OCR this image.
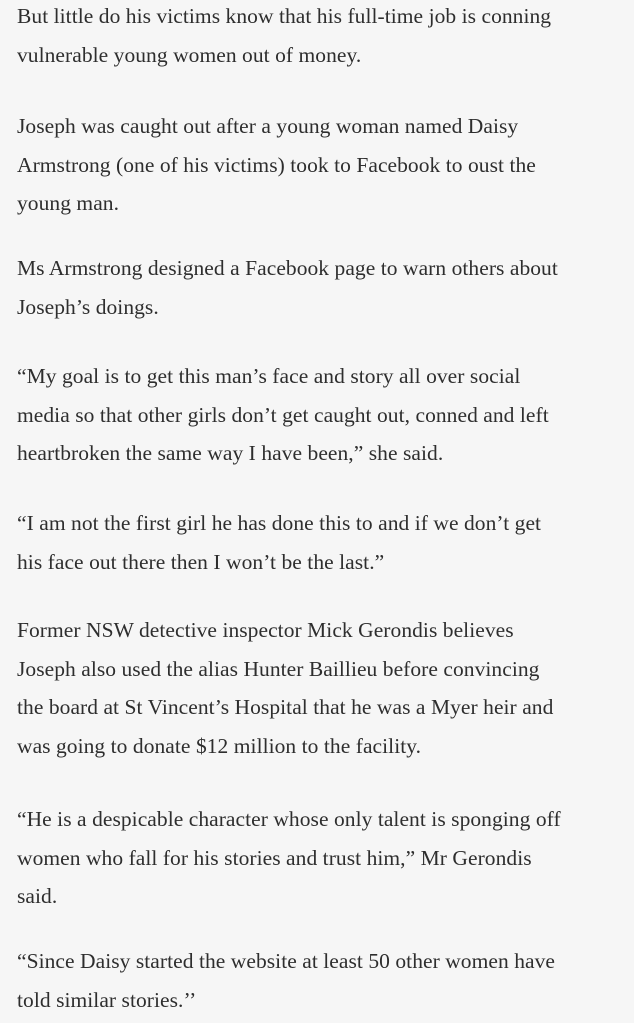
But little do his victims know that his full-time job is conning
vulnerable young women out of money.

Joseph was caught out after a young woman named Daisy
Armstrong (one of his victims) took to Facebook to oust the
young man.

Ms Armstrong designed a Facebook page to warn others about
Joseph’s doings.

“My goal is to get this man’s face and story all over social
media so that other girls don’t get caught out, conned and left
heartbroken the same way I have been,” she said.

“I am not the first girl he has done this to and if we don’t get
his face out there then I won’t be the last.”

Former NSW detective inspector Mick Gerondis believes
Joseph also used the alias Hunter Baillieu before convincing
the board at St Vincent’s Hospital that he was a Myer heir and
was going to donate $12 million to the facility.

“He is a despicable character whose only talent is sponging off
women who fall for his stories and trust him,” Mr Gerondis
said.

“Since Daisy started the website at least 50 other women have
told similar stories.’’
